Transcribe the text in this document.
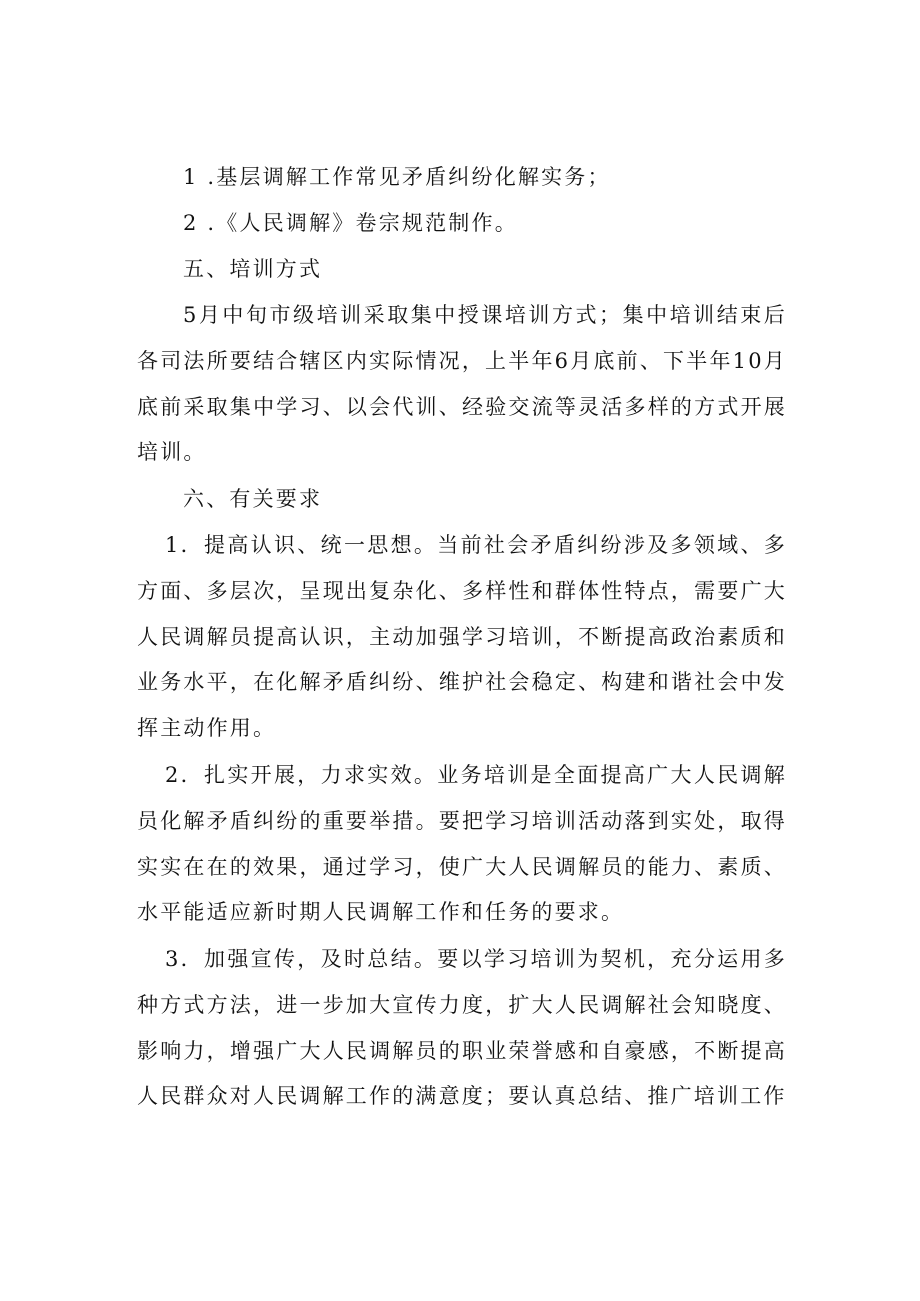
1 .基层调解工作常见矛盾纠纷化解实务；

2 .《人民调解》卷宗规范制作。

五、培训方式

5月中旬市级培训采取集中授课培训方式；集中培训结束后各司法所要结合辖区内实际情况，上半年6月底前、下半年10月底前采取集中学习、以会代训、经验交流等灵活多样的方式开展培训。

六、有关要求

1．提高认识、统一思想。当前社会矛盾纠纷涉及多领域、多方面、多层次，呈现出复杂化、多样性和群体性特点，需要广大人民调解员提高认识，主动加强学习培训，不断提高政治素质和业务水平，在化解矛盾纠纷、维护社会稳定、构建和谐社会中发挥主动作用。

2．扎实开展，力求实效。业务培训是全面提高广大人民调解员化解矛盾纠纷的重要举措。要把学习培训活动落到实处，取得实实在在的效果，通过学习，使广大人民调解员的能力、素质、水平能适应新时期人民调解工作和任务的要求。

3．加强宣传，及时总结。要以学习培训为契机，充分运用多种方式方法，进一步加大宣传力度，扩大人民调解社会知晓度、影响力，增强广大人民调解员的职业荣誉感和自豪感，不断提高人民群众对人民调解工作的满意度；要认真总结、推广培训工作
